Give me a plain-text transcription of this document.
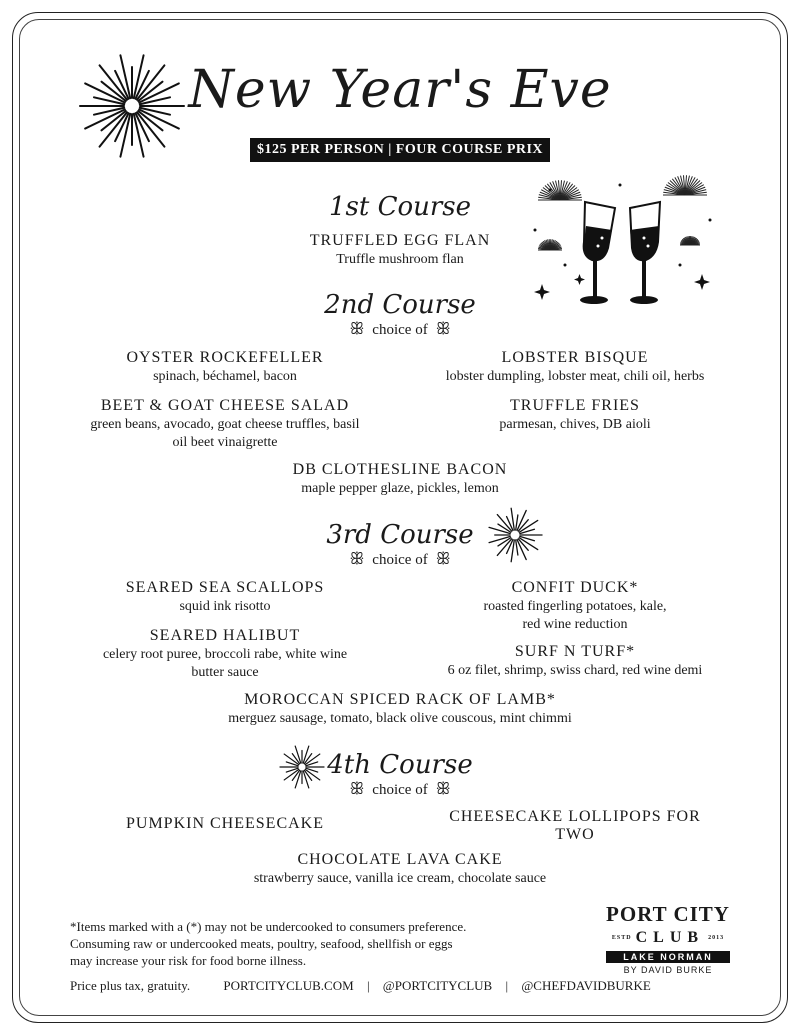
New Year's Eve
$125 PER PERSON | FOUR COURSE PRIX FIXE
1st Course
TRUFFLED EGG FLAN
Truffle mushroom flan
2nd Course
ꕥ choice of ꕥ
OYSTER ROCKEFELLER
spinach, béchamel, bacon
LOBSTER BISQUE
lobster dumpling, lobster meat, chili oil, herbs
BEET & GOAT CHEESE SALAD
green beans, avocado, goat cheese truffles, basil
oil beet vinaigrette
TRUFFLE FRIES
parmesan, chives, DB aioli
DB CLOTHESLINE BACON
maple pepper glaze, pickles, lemon
3rd Course
ꕥ choice of ꕥ
SEARED SEA SCALLOPS
squid ink risotto
CONFIT DUCK*
roasted fingerling potatoes, kale,
red wine reduction
SEARED HALIBUT
celery root puree, broccoli rabe, white wine
butter sauce
SURF N TURF*
6 oz filet, shrimp, swiss chard, red wine demi
MOROCCAN SPICED RACK OF LAMB*
merguez sausage, tomato, black olive couscous, mint chimmi
4th Course
ꕥ choice of ꕥ
PUMPKIN CHEESECAKE	CHEESECAKE LOLLIPOPS FOR
TWO
CHOCOLATE LAVA CAKE
strawberry sauce, vanilla ice cream, chocolate sauce
*Items marked with a (*) may not be undercooked to consumers preference.
Consuming raw or undercooked meats, poultry, seafood, shellfish or eggs
may increase your risk for food borne illness.
Price plus tax, gratuity.	PORTCITYCLUB.COM | @PORTCITYCLUB | @CHEFDAVIDBURKE
PORT CITY
ESTD CLUB 2013
LAKE NORMAN
BY DAVID BURKE
